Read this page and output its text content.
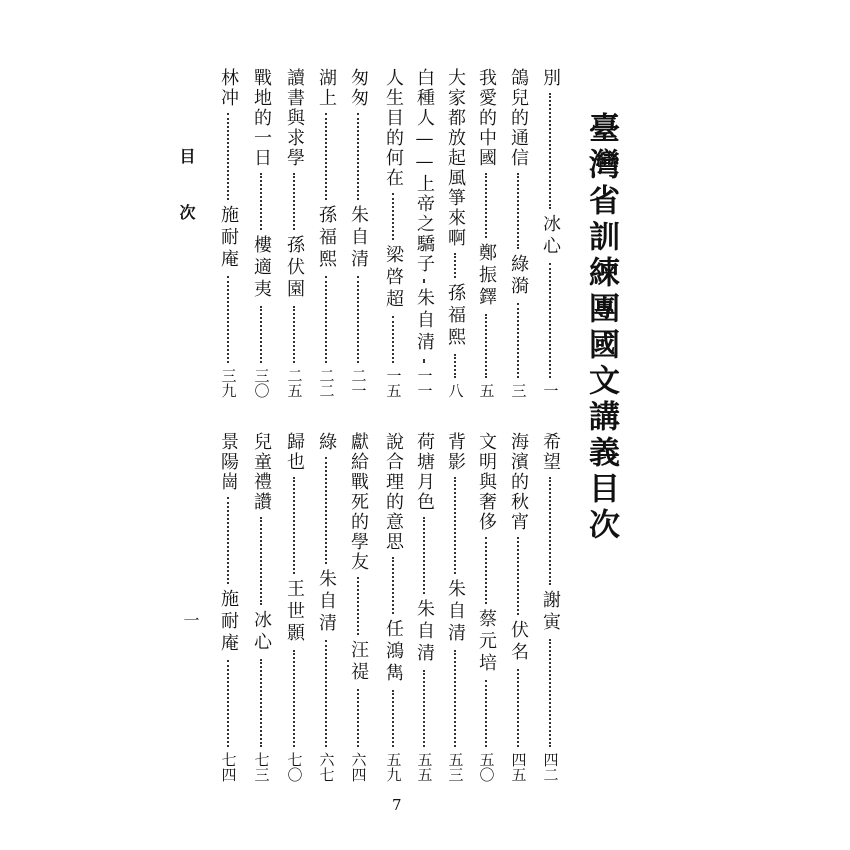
臺灣省訓練團國文講義目次
目次
一
7
別
冰心
一
鴿兒的通信
綠漪
三
我愛的中國
鄭振鐸
五
大家都放起風箏來啊
孫福熙
八
白種人——上帝之驕子
朱自清
一一
人生目的何在
梁啓超
一五
匆匆
朱自清
二一
湖上
孫福熙
二二
讀書與求學
孫伏園
二五
戰地的一日
樓適夷
三〇
林冲
施耐庵
三九
希望
謝寅
四二
海濱的秋宵
伏名
四五
文明與奢侈
蔡元培
五〇
背影
朱自清
五三
荷塘月色
朱自清
五五
說合理的意思
任鴻雋
五九
獻給戰死的學友
汪禔
六四
綠
朱自清
六七
歸也
王世顥
七〇
兒童禮讚
冰心
七三
景陽崗
施耐庵
七四
